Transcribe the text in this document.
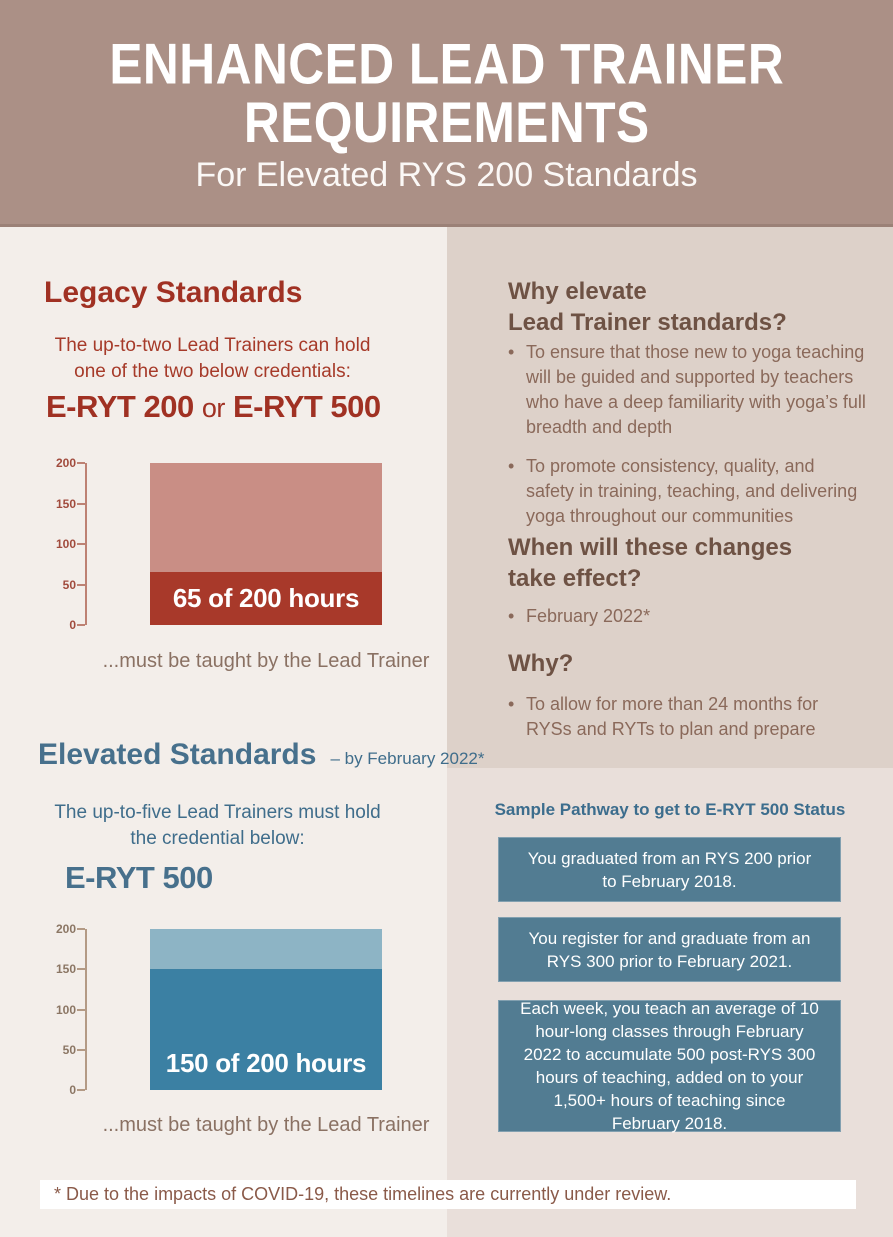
ENHANCED LEAD TRAINER
REQUIREMENTS
For Elevated RYS 200 Standards
Legacy Standards
The up-to-two Lead Trainers can hold one of the two below credentials:
E-RYT 200 or E-RYT 500
0
50
100
150
200
65 of 200 hours
...must be taught by the Lead Trainer
Elevated Standards – by February 2022*
The up-to-five Lead Trainers must hold the credential below:
E-RYT 500
0
50
100
150
200
150 of 200 hours
...must be taught by the Lead Trainer
Why elevate
Lead Trainer standards?
• To ensure that those new to yoga teaching will be guided and supported by teachers who have a deep familiarity with yoga’s full breadth and depth
• To promote consistency, quality, and safety in training, teaching, and delivering yoga throughout our communities
When will these changes
take effect?
• February 2022*
Why?
• To allow for more than 24 months for RYSs and RYTs to plan and prepare
Sample Pathway to get to E-RYT 500 Status
You graduated from an RYS 200 prior to February 2018.
You register for and graduate from an RYS 300 prior to February 2021.
Each week, you teach an average of 10 hour-long classes through February 2022 to accumulate 500 post-RYS 300 hours of teaching, added on to your 1,500+ hours of teaching since February 2018.
* Due to the impacts of COVID-19, these timelines are currently under review.
